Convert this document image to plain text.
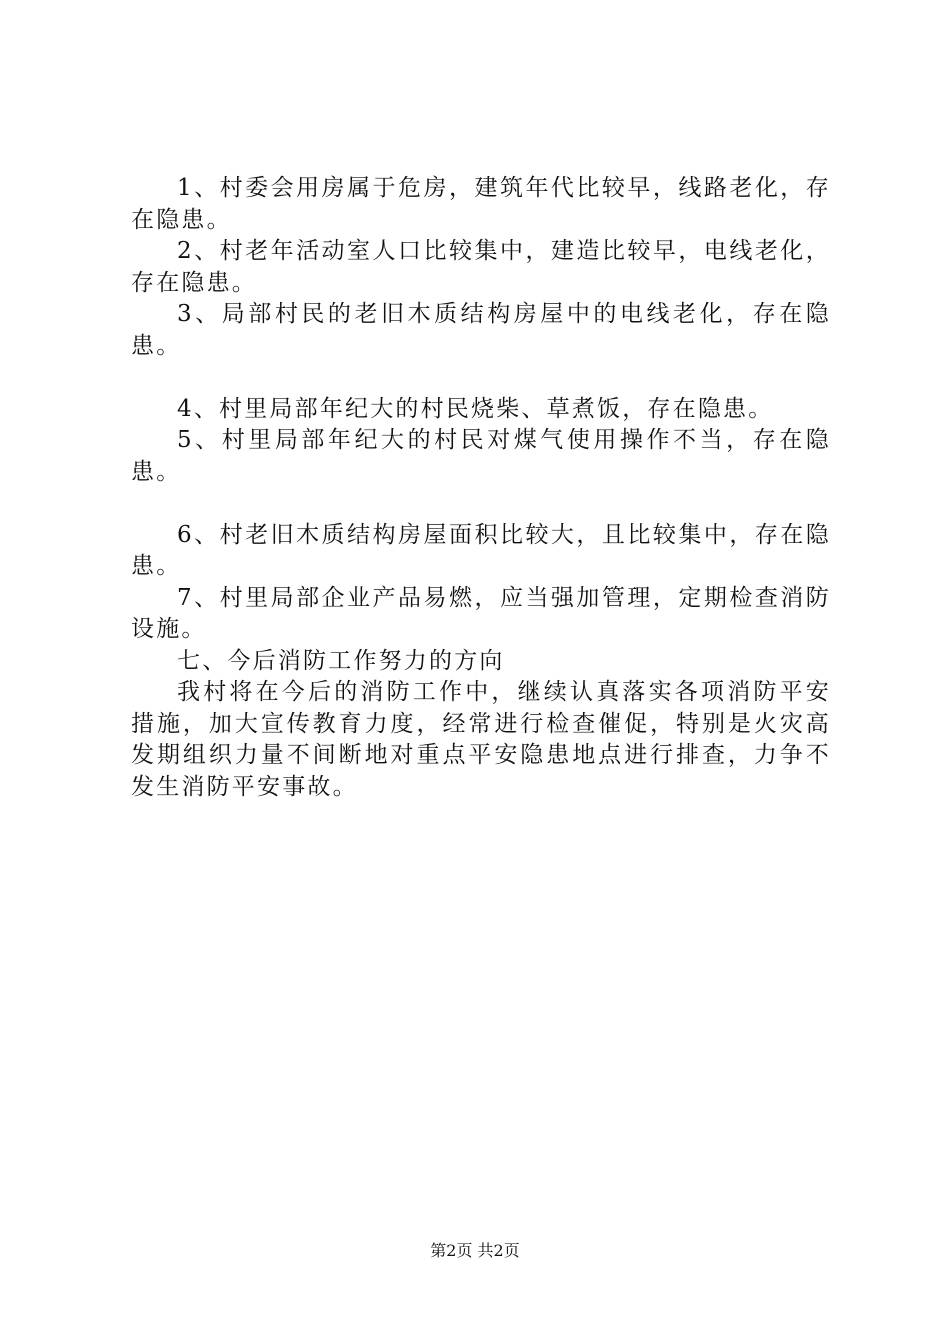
1、村委会用房属于危房，建筑年代比较早，线路老化，存在隐患。

2、村老年活动室人口比较集中，建造比较早，电线老化，存在隐患。

3、局部村民的老旧木质结构房屋中的电线老化，存在隐患。

4、村里局部年纪大的村民烧柴、草煮饭，存在隐患。

5、村里局部年纪大的村民对煤气使用操作不当，存在隐患。

6、村老旧木质结构房屋面积比较大，且比较集中，存在隐患。

7、村里局部企业产品易燃，应当强加管理，定期检查消防设施。

七、今后消防工作努力的方向

我村将在今后的消防工作中，继续认真落实各项消防平安措施，加大宣传教育力度，经常进行检查催促，特别是火灾高发期组织力量不间断地对重点平安隐患地点进行排查，力争不发生消防平安事故。

第2页 共2页
